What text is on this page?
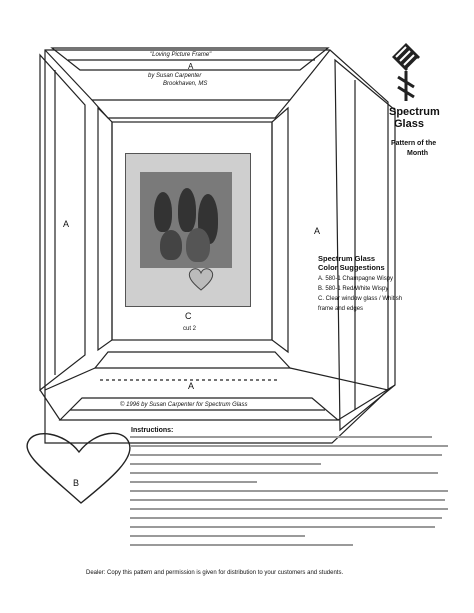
"Loving Picture Frame"
A
by Susan Carpenter
Brookhaven, MS
A
A
C
cut 2
A
© 1996 by Susan Carpenter for Spectrum Glass
Spectrum
Glass
Pattern of the
Month
Spectrum Glass
Color Suggestions
A. 580-1 Champagne Wispy
B. 580-1 Red/White Wispy
C. Clear window glass / Whitish
frame and edges
B
Instructions:
Dealer: Copy this pattern and permission is given for distribution to your customers and students.
